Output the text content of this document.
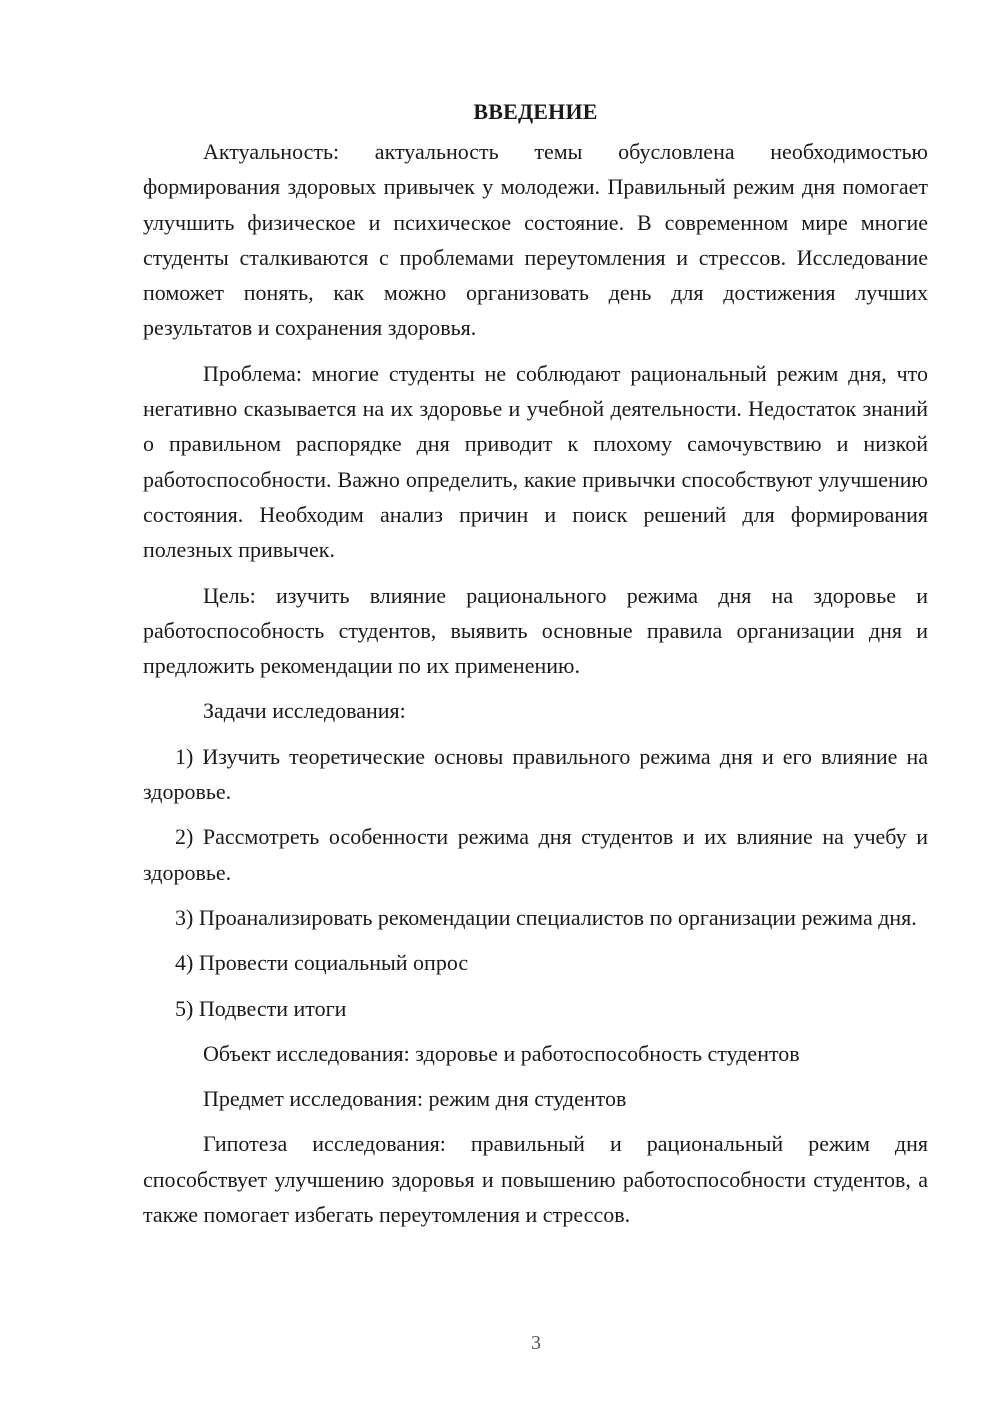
ВВЕДЕНИЕ

Актуальность: актуальность темы обусловлена необходимостью формирования здоровых привычек у молодежи. Правильный режим дня помогает улучшить физическое и психическое состояние. В современном мире многие студенты сталкиваются с проблемами переутомления и стрессов. Исследование поможет понять, как можно организовать день для достижения лучших результатов и сохранения здоровья.

Проблема: многие студенты не соблюдают рациональный режим дня, что негативно сказывается на их здоровье и учебной деятельности. Недостаток знаний о правильном распорядке дня приводит к плохому самочувствию и низкой работоспособности. Важно определить, какие привычки способствуют улучшению состояния. Необходим анализ причин и поиск решений для формирования полезных привычек.

Цель: изучить влияние рационального режима дня на здоровье и работоспособность студентов, выявить основные правила организации дня и предложить рекомендации по их применению.

Задачи исследования:

1) Изучить теоретические основы правильного режима дня и его влияние на здоровье.

2) Рассмотреть особенности режима дня студентов и их влияние на учебу и здоровье.

3) Проанализировать рекомендации специалистов по организации режима дня.

4) Провести социальный опрос

5) Подвести итоги

Объект исследования: здоровье и работоспособность студентов

Предмет исследования: режим дня студентов

Гипотеза исследования: правильный и рациональный режим дня способствует улучшению здоровья и повышению работоспособности студентов, а также помогает избегать переутомления и стрессов.

3
